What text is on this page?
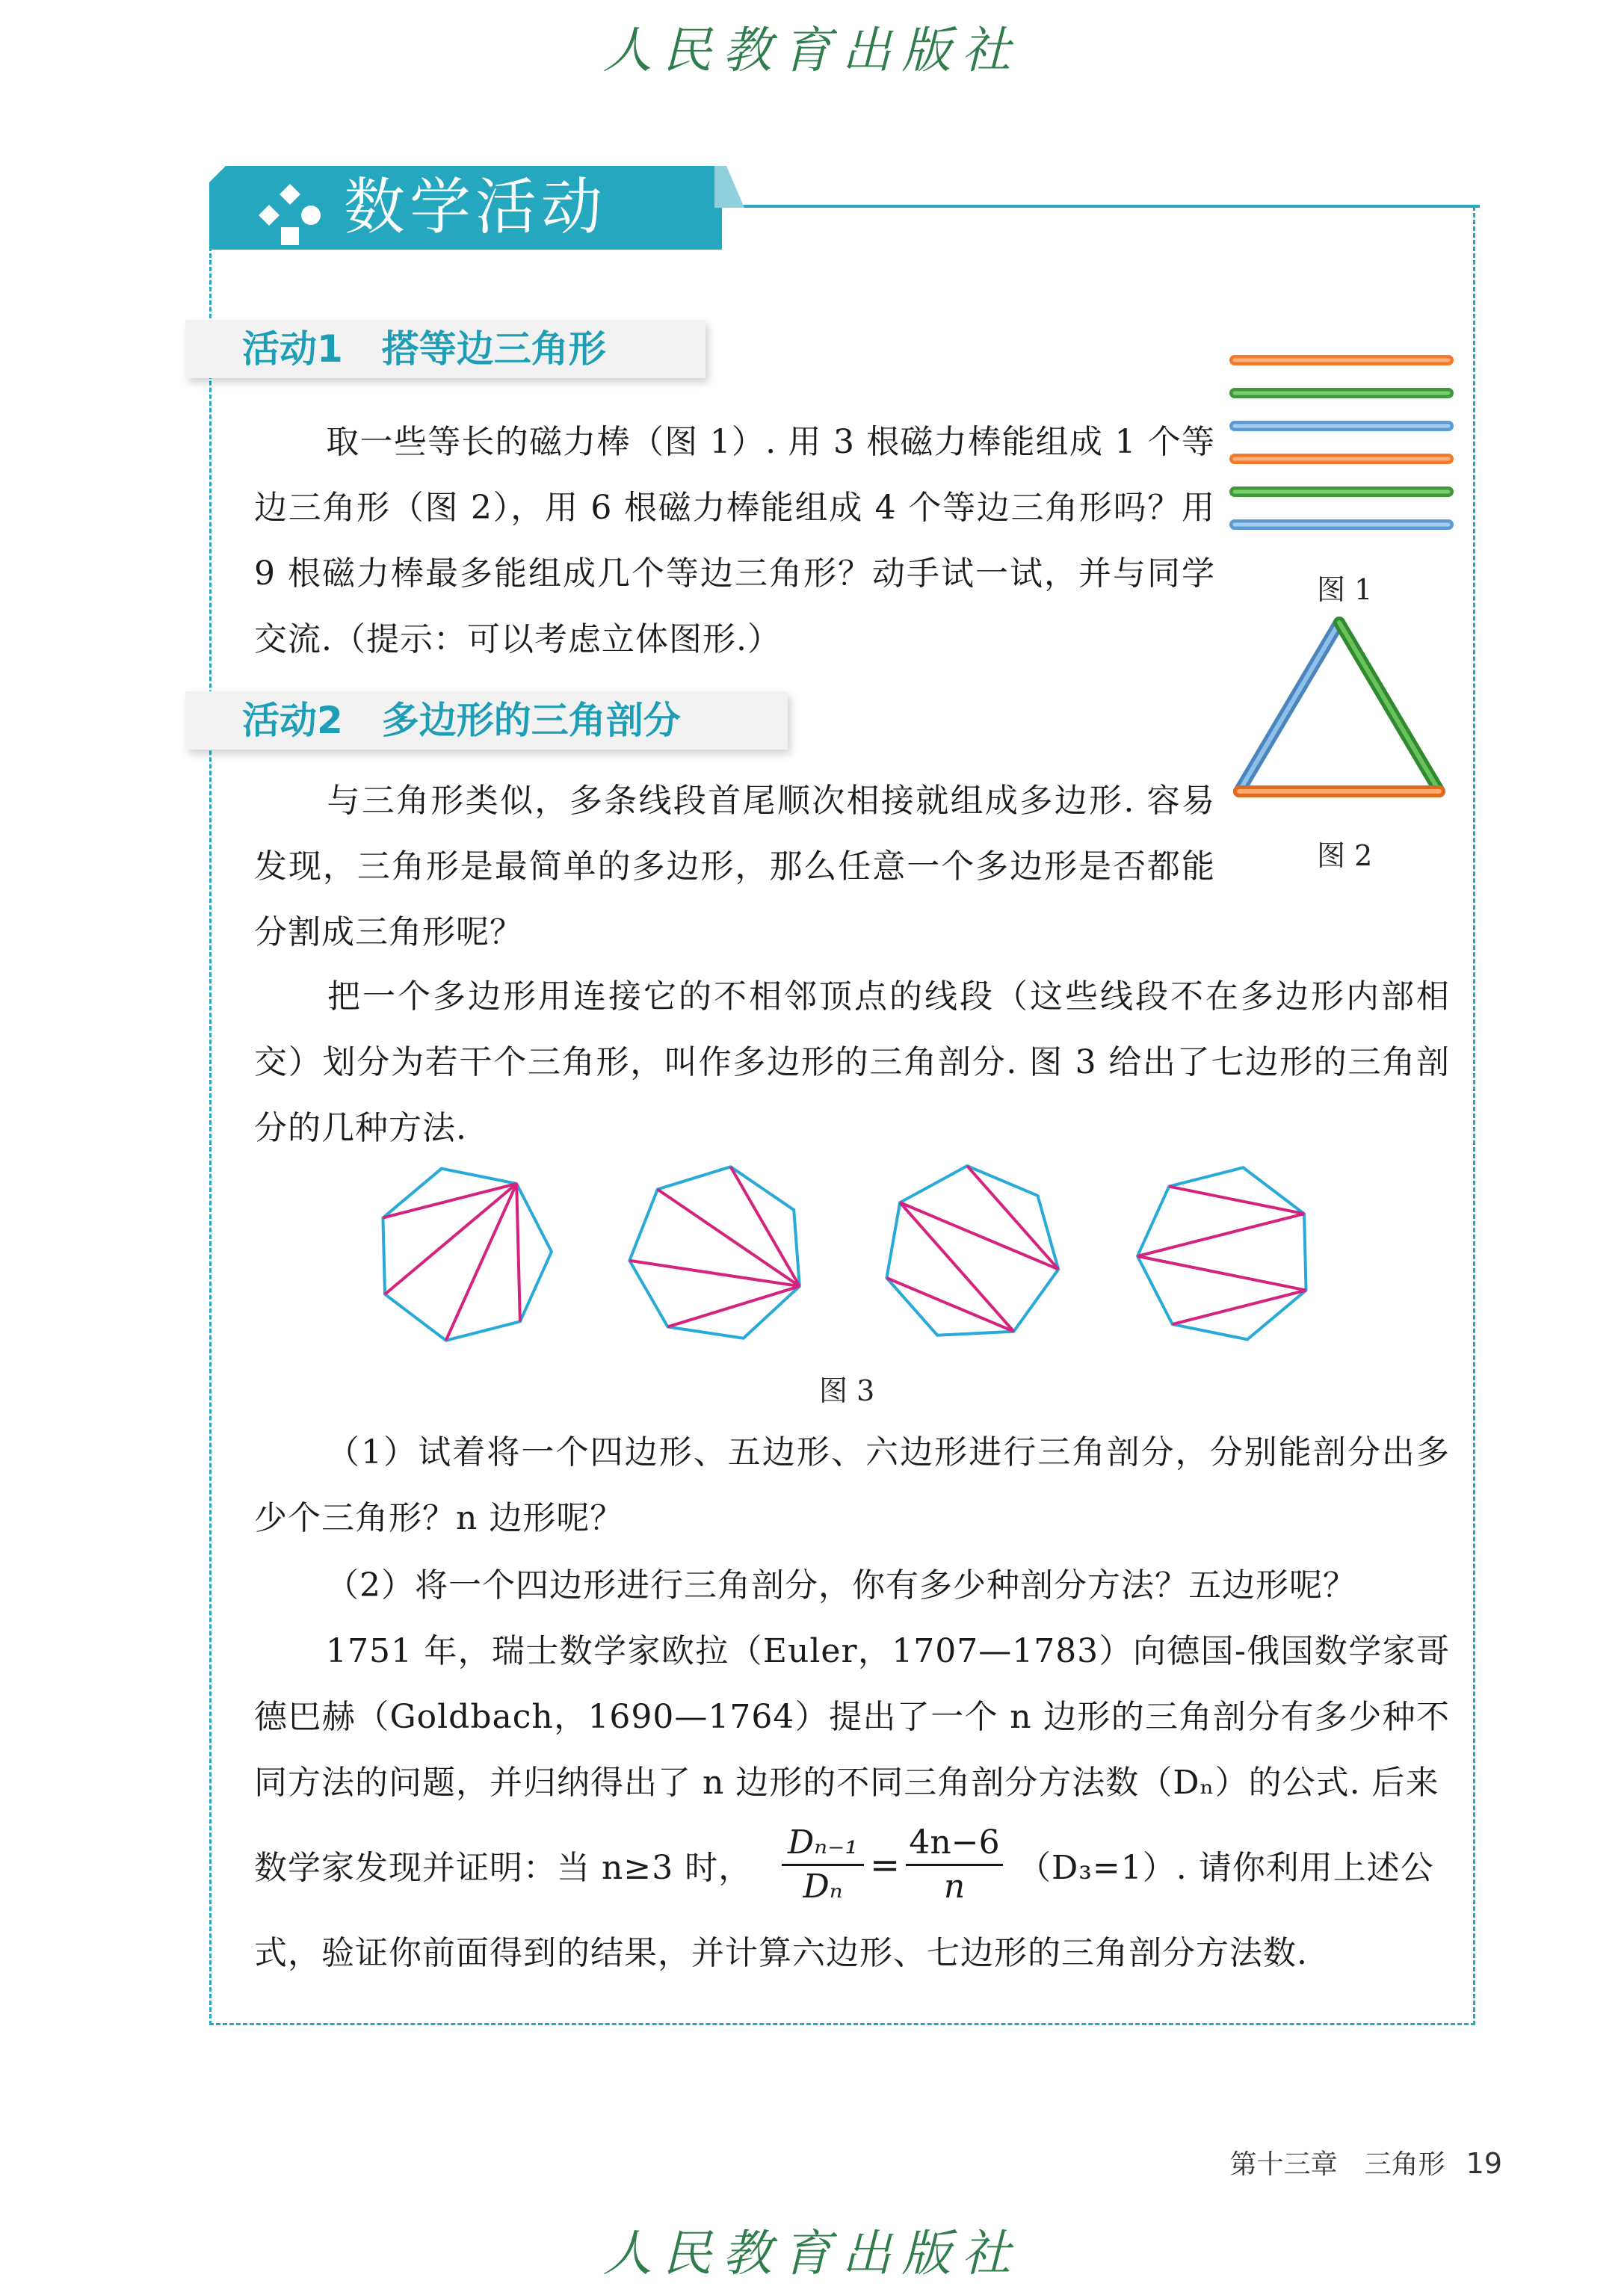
人民教育出版社
数学活动
活动1 搭等边三角形
取一些等长的磁力棒（图 1）. 用 3 根磁力棒能组成 1 个等边三角形（图 2），用 6 根磁力棒能组成 4 个等边三角形吗？用 9 根磁力棒最多能组成几个等边三角形？动手试一试，并与同学交流.（提示：可以考虑立体图形.）
图 1
图 2
活动2 多边形的三角剖分
与三角形类似，多条线段首尾顺次相接就组成多边形. 容易发现，三角形是最简单的多边形，那么任意一个多边形是否都能分割成三角形呢？
把一个多边形用连接它的不相邻顶点的线段（这些线段不在多边形内部相交）划分为若干个三角形，叫作多边形的三角剖分. 图 3 给出了七边形的三角剖分的几种方法.
图 3
（1）试着将一个四边形、五边形、六边形进行三角剖分，分别能剖分出多少个三角形？n 边形呢？
（2）将一个四边形进行三角剖分，你有多少种剖分方法？五边形呢？
1751 年，瑞士数学家欧拉（Euler，1707—1783）向德国-俄国数学家哥德巴赫（Goldbach，1690—1764）提出了一个 n 边形的三角剖分有多少种不同方法的问题，并归纳得出了 n 边形的不同三角剖分方法数（Dₙ）的公式. 后来
数学家发现并证明：当 n≥3 时，
Dₙ₋₁
Dₙ
=
4n−6
n	（D₃=1）. 请你利用上述公
式，验证你前面得到的结果，并计算六边形、七边形的三角剖分方法数.
第十三章　三角形 19
人民教育出版社
